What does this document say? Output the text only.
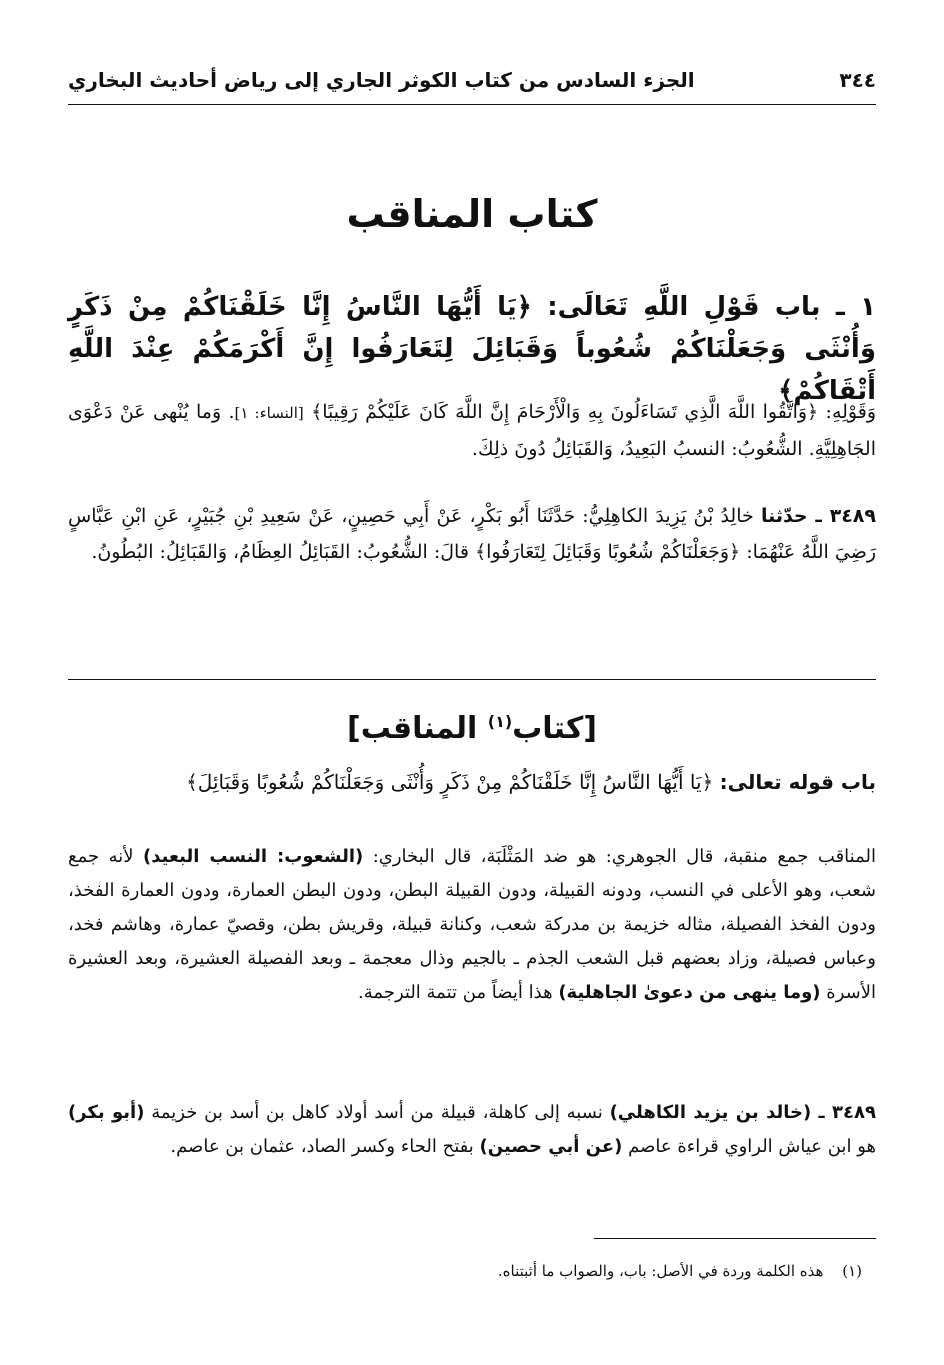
٣٤٤
الجزء السادس من كتاب الكوثر الجاري إلى رياض أحاديث البخاري
كتاب المناقب
١ ـ باب قَوْلِ اللَّهِ تَعَالَى: ﴿يَا أَيُّهَا النَّاسُ إِنَّا خَلَقْنَاكُمْ مِنْ ذَكَرٍ وَأُنْثَى وَجَعَلْنَاكُمْ شُعُوباً وَقَبَائِلَ لِتَعَارَفُوا إِنَّ أَكْرَمَكُمْ عِنْدَ اللَّهِ أَتْقَاكُمْ﴾
وَقَوْلِهِ: ﴿وَاتَّقُوا اللَّهَ الَّذِي تَسَاءَلُونَ بِهِ وَالْأَرْحَامَ إِنَّ اللَّهَ كَانَ عَلَيْكُمْ رَقِيبًا﴾ [النساء: ١]. وَما يُنْهى عَنْ دَعْوَى الجَاهِلِيَّةِ. الشُّعُوبُ: النسبُ البَعِيدُ، وَالقَبَائِلُ دُونَ ذلِكَ.
٣٤٨٩ ـ حدّثنا خالِدُ بْنُ يَزِيدَ الكاهِلِيُّ: حَدَّثَنَا أَبُو بَكْرٍ، عَنْ أَبِي حَصِينٍ، عَنْ سَعِيدِ بْنِ جُبَيْرٍ، عَنِ ابْنِ عَبَّاسٍ رَضِيَ اللَّهُ عَنْهُمَا: ﴿وَجَعَلْنَاكُمْ شُعُوبًا وَقَبَائِلَ لِتَعَارَفُوا﴾ قالَ: الشُّعُوبُ: القَبَائِلُ العِظَامُ، وَالقَبَائِلُ: البُطُونُ.
[كتاب$^{(١)}$ المناقب]
باب قوله تعالى: ﴿يَا أَيُّهَا النَّاسُ إِنَّا خَلَقْنَاكُمْ مِنْ ذَكَرٍ وَأُنْثَى وَجَعَلْنَاكُمْ شُعُوبًا وَقَبَائِلَ﴾
المناقب جمع منقبة، قال الجوهري: هو ضد المَثْلَبَة، قال البخاري: (الشعوب: النسب البعيد) لأنه جمع شعب، وهو الأعلى في النسب، ودونه القبيلة، ودون القبيلة البطن، ودون البطن العمارة، ودون العمارة الفخذ، ودون الفخذ الفصيلة، مثاله خزيمة بن مدركة شعب، وكنانة قبيلة، وقريش بطن، وقصيّ عمارة، وهاشم فخد، وعباس فصيلة، وزاد بعضهم قبل الشعب الجذم ـ بالجيم وذال معجمة ـ وبعد الفصيلة العشيرة، وبعد العشيرة الأسرة (وما ينهى من دعوىٰ الجاهلية) هذا أيضاً من تتمة الترجمة.
٣٤٨٩ ـ (خالد بن يزيد الكاهلي) نسبه إلى كاهلة، قبيلة من أسد أولاد كاهل بن أسد بن خزيمة (أبو بكر) هو ابن عياش الراوي قراءة عاصم (عن أبي حصين) بفتح الحاء وكسر الصاد، عثمان بن عاصم.
(١) هذه الكلمة وردة في الأصل: باب، والصواب ما أثبتناه.
